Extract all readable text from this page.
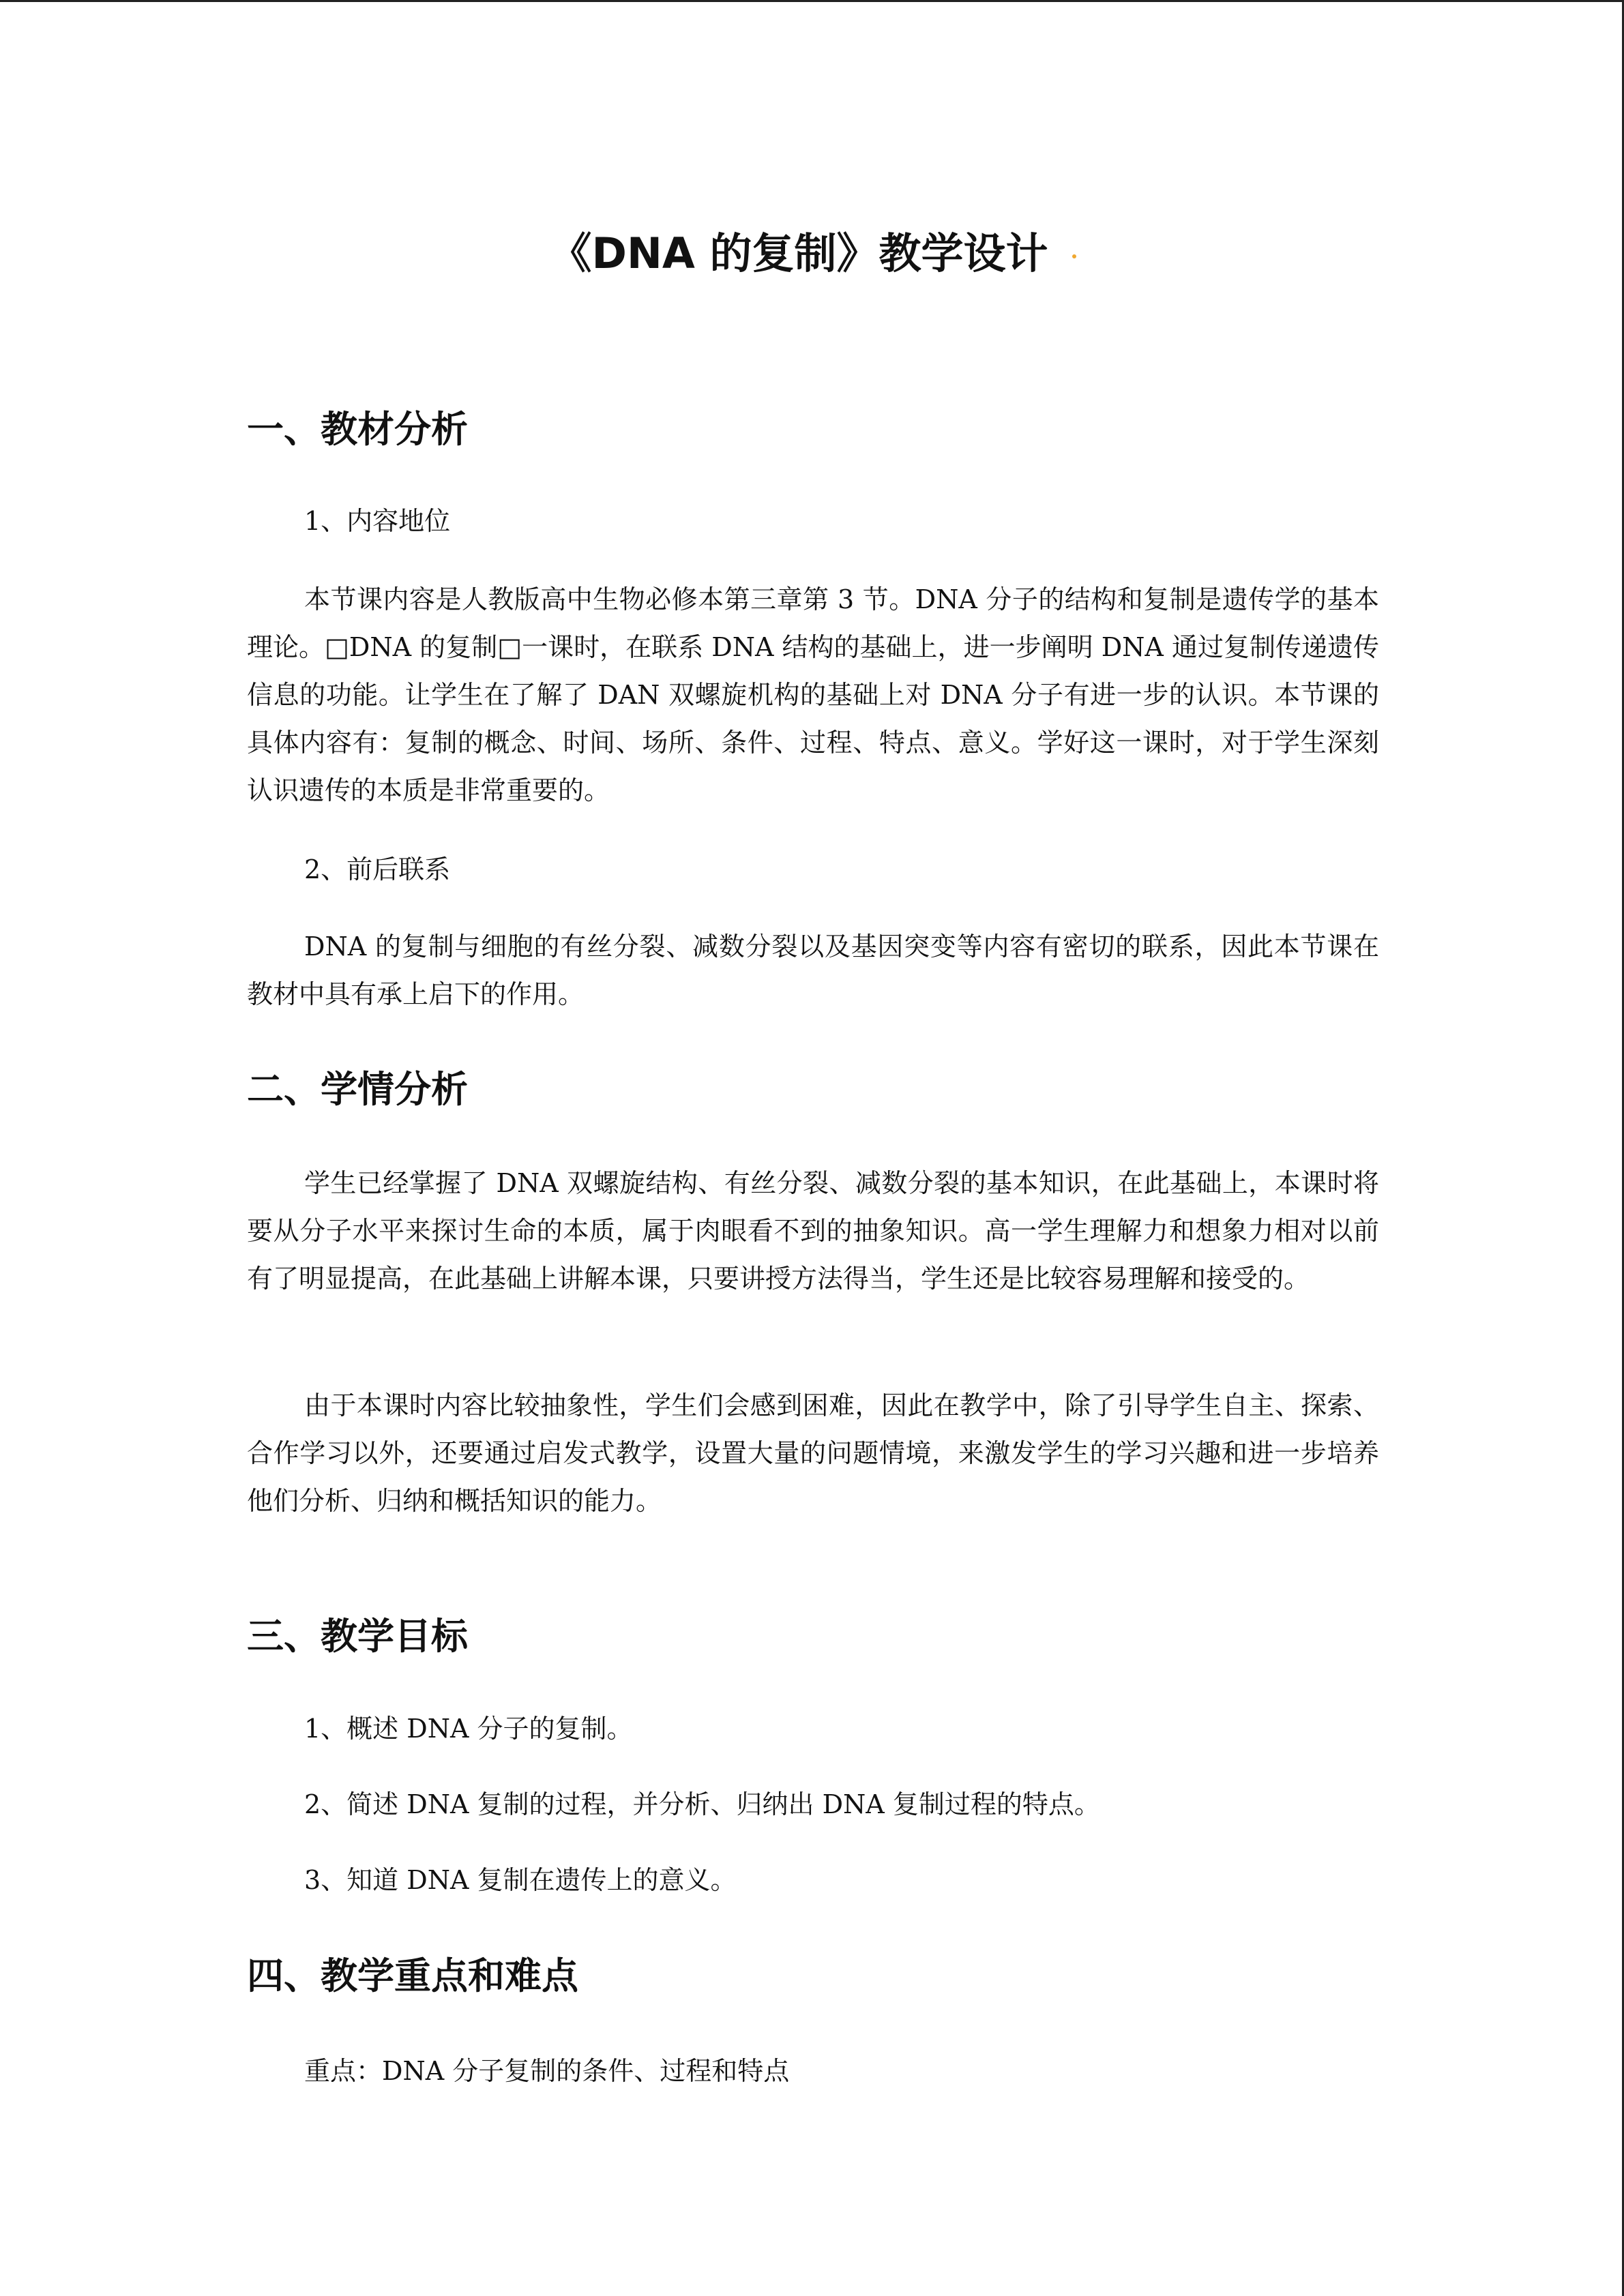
《DNA 的复制》教学设计
一、教材分析

1、内容地位

本节课内容是人教版高中生物必修本第三章第 3 节。DNA 分子的结构和复制是遗传学的基本理论。□DNA 的复制□一课时，在联系 DNA 结构的基础上，进一步阐明 DNA 通过复制传递遗传信息的功能。让学生在了解了 DAN 双螺旋机构的基础上对 DNA 分子有进一步的认识。本节课的具体内容有：复制的概念、时间、场所、条件、过程、特点、意义。学好这一课时，对于学生深刻认识遗传的本质是非常重要的。

2、前后联系

DNA 的复制与细胞的有丝分裂、减数分裂以及基因突变等内容有密切的联系，因此本节课在教材中具有承上启下的作用。

二、学情分析

学生已经掌握了 DNA 双螺旋结构、有丝分裂、减数分裂的基本知识，在此基础上，本课时将要从分子水平来探讨生命的本质，属于肉眼看不到的抽象知识。高一学生理解力和想象力相对以前有了明显提高，在此基础上讲解本课，只要讲授方法得当，学生还是比较容易理解和接受的。

由于本课时内容比较抽象性，学生们会感到困难，因此在教学中，除了引导学生自主、探索、合作学习以外，还要通过启发式教学，设置大量的问题情境，来激发学生的学习兴趣和进一步培养他们分析、归纳和概括知识的能力。

三、教学目标

1、概述 DNA 分子的复制。

2、简述 DNA 复制的过程，并分析、归纳出 DNA 复制过程的特点。

3、知道 DNA 复制在遗传上的意义。

四、教学重点和难点

重点：DNA 分子复制的条件、过程和特点
